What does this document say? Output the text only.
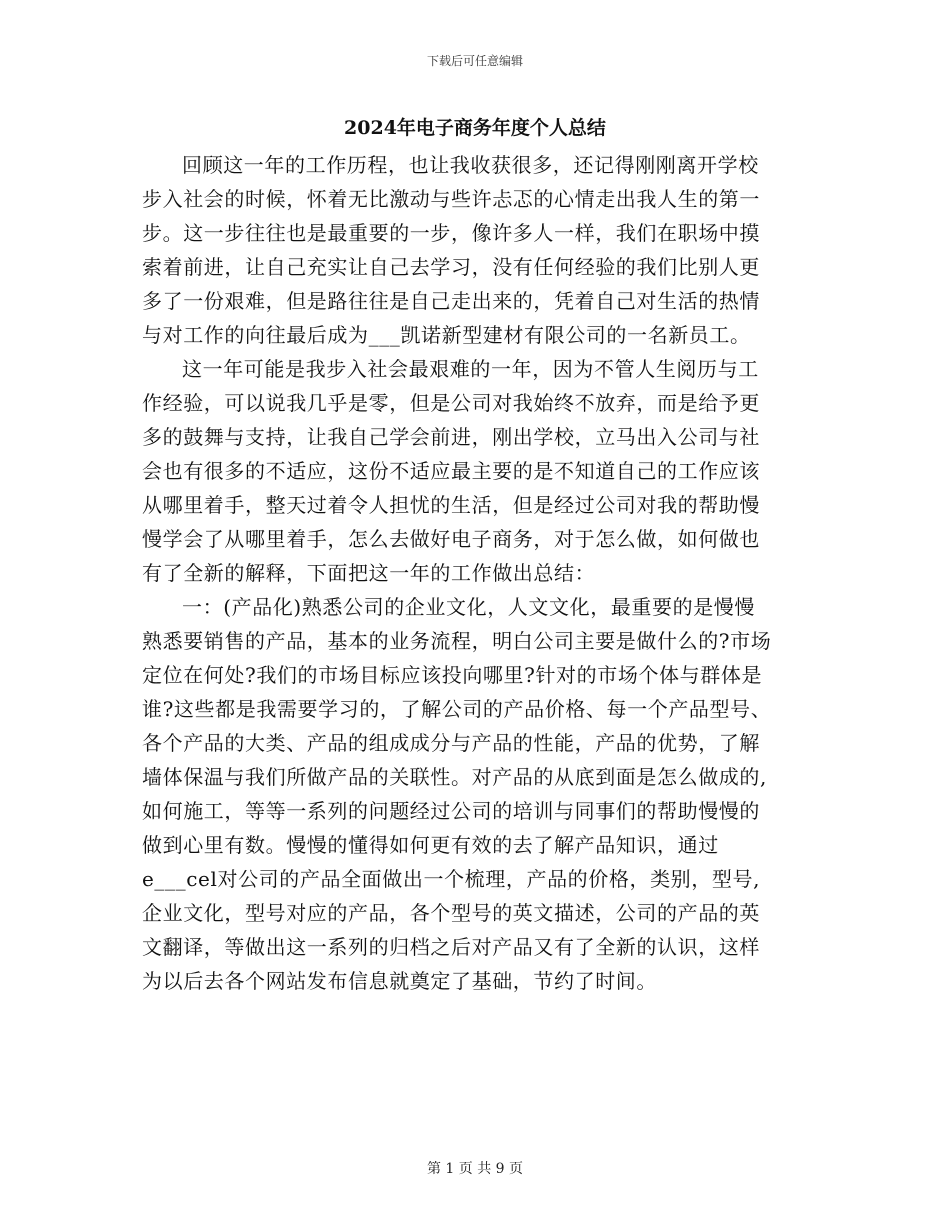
下载后可任意编辑
2024年电子商务年度个人总结
回顾这一年的工作历程，也让我收获很多，还记得刚刚离开学校
步入社会的时候，怀着无比激动与些许忐忑的心情走出我人生的第一
步。这一步往往也是最重要的一步，像许多人一样，我们在职场中摸
索着前进，让自己充实让自己去学习，没有任何经验的我们比别人更
多了一份艰难，但是路往往是自己走出来的，凭着自己对生活的热情
与对工作的向往最后成为___凯诺新型建材有限公司的一名新员工。
这一年可能是我步入社会最艰难的一年，因为不管人生阅历与工
作经验，可以说我几乎是零，但是公司对我始终不放弃，而是给予更
多的鼓舞与支持，让我自己学会前进，刚出学校，立马出入公司与社
会也有很多的不适应，这份不适应最主要的是不知道自己的工作应该
从哪里着手，整天过着令人担忧的生活，但是经过公司对我的帮助慢
慢学会了从哪里着手，怎么去做好电子商务，对于怎么做，如何做也
有了全新的解释，下面把这一年的工作做出总结：
一：(产品化)熟悉公司的企业文化，人文文化，最重要的是慢慢
熟悉要销售的产品，基本的业务流程，明白公司主要是做什么的?市场
定位在何处?我们的市场目标应该投向哪里?针对的市场个体与群体是
谁?这些都是我需要学习的，了解公司的产品价格、每一个产品型号、
各个产品的大类、产品的组成成分与产品的性能，产品的优势，了解
墙体保温与我们所做产品的关联性。对产品的从底到面是怎么做成的,
如何施工，等等一系列的问题经过公司的培训与同事们的帮助慢慢的
做到心里有数。慢慢的懂得如何更有效的去了解产品知识，通过
e___cel对公司的产品全面做出一个梳理，产品的价格，类别，型号,
企业文化，型号对应的产品，各个型号的英文描述，公司的产品的英
文翻译，等做出这一系列的归档之后对产品又有了全新的认识，这样
为以后去各个网站发布信息就奠定了基础，节约了时间。
第 1 页 共 9 页
